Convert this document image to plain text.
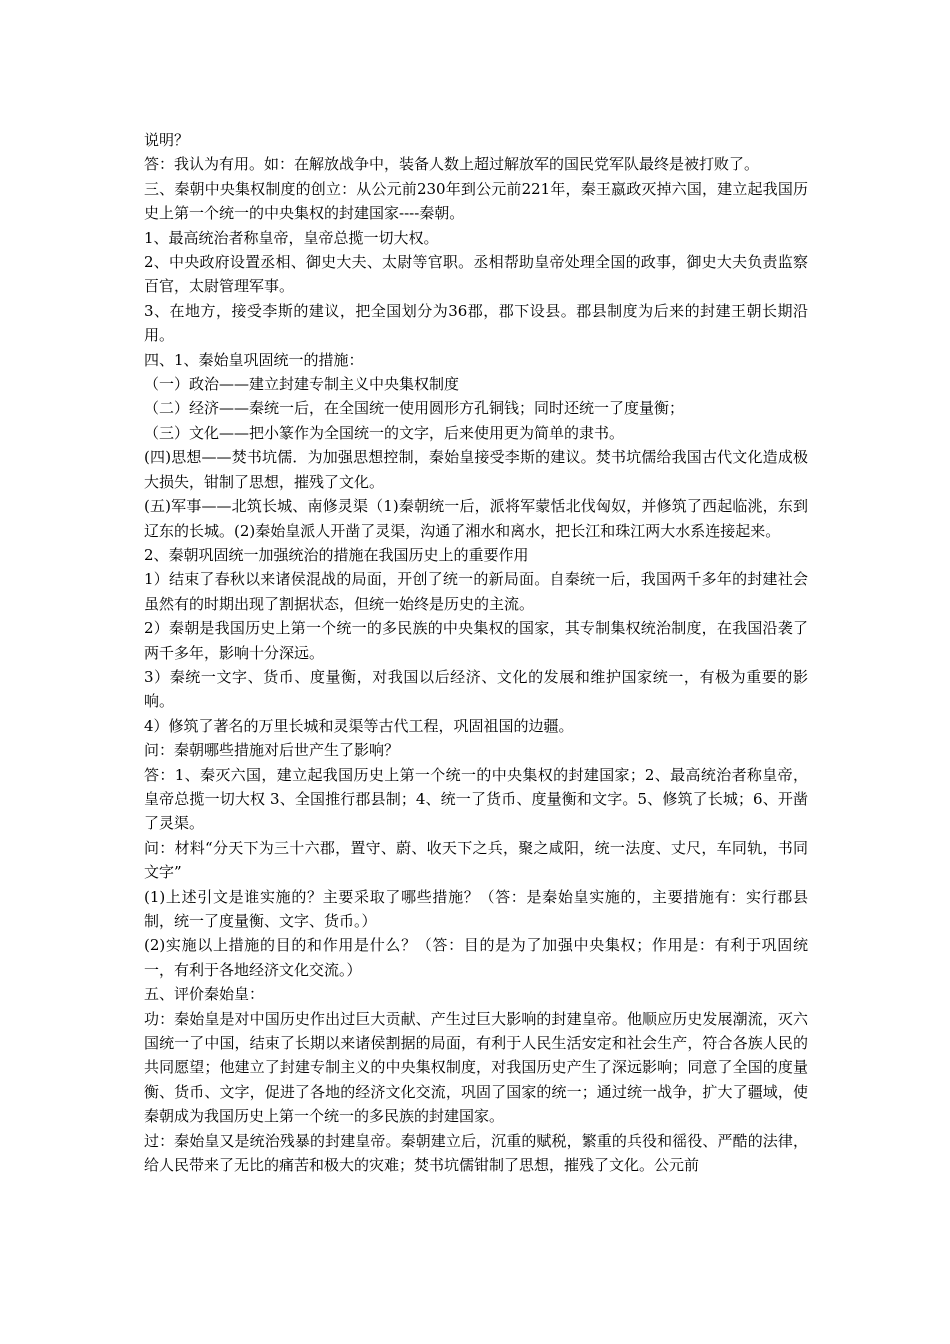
说明？

答：我认为有用。如：在解放战争中，装备人数上超过解放军的国民党军队最终是被打败了。

三、秦朝中央集权制度的创立：从公元前230年到公元前221年，秦王嬴政灭掉六国，建立起我国历史上第一个统一的中央集权的封建国家----秦朝。

1、最高统治者称皇帝，皇帝总揽一切大权。

2、中央政府设置丞相、御史大夫、太尉等官职。丞相帮助皇帝处理全国的政事，御史大夫负责监察百官，太尉管理军事。

3、在地方，接受李斯的建议，把全国划分为36郡，郡下设县。郡县制度为后来的封建王朝长期沿用。

四、1、秦始皇巩固统一的措施：

（一）政治——建立封建专制主义中央集权制度

（二）经济——秦统一后，在全国统一使用圆形方孔铜钱；同时还统一了度量衡；

（三）文化——把小篆作为全国统一的文字，后来使用更为简单的隶书。

(四)思想——焚书坑儒．为加强思想控制，秦始皇接受李斯的建议。焚书坑儒给我国古代文化造成极大损失，钳制了思想，摧残了文化。

(五)军事——北筑长城、南修灵渠（1)秦朝统一后，派将军蒙恬北伐匈奴，并修筑了西起临洮，东到辽东的长城。(2)秦始皇派人开凿了灵渠，沟通了湘水和离水，把长江和珠江两大水系连接起来。

2、秦朝巩固统一加强统治的措施在我国历史上的重要作用

1）结束了春秋以来诸侯混战的局面，开创了统一的新局面。自秦统一后，我国两千多年的封建社会虽然有的时期出现了割据状态，但统一始终是历史的主流。

2）秦朝是我国历史上第一个统一的多民族的中央集权的国家，其专制集权统治制度，在我国沿袭了两千多年，影响十分深远。

3）秦统一文字、货币、度量衡，对我国以后经济、文化的发展和维护国家统一，有极为重要的影响。

4）修筑了著名的万里长城和灵渠等古代工程，巩固祖国的边疆。

问：秦朝哪些措施对后世产生了影响？

答：1、秦灭六国，建立起我国历史上第一个统一的中央集权的封建国家；2、最高统治者称皇帝，皇帝总揽一切大权 3、全国推行郡县制；4、统一了货币、度量衡和文字。5、修筑了长城；6、开凿了灵渠。

问：材料“分天下为三十六郡，置守、蔚、收天下之兵，聚之咸阳，统一法度、丈尺，车同轨，书同文字”

(1)上述引文是谁实施的？主要采取了哪些措施？（答：是秦始皇实施的，主要措施有：实行郡县制，统一了度量衡、文字、货币。）

(2)实施以上措施的目的和作用是什么？（答：目的是为了加强中央集权；作用是：有利于巩固统一，有利于各地经济文化交流。）

五、评价秦始皇：

功：秦始皇是对中国历史作出过巨大贡献、产生过巨大影响的封建皇帝。他顺应历史发展潮流，灭六国统一了中国，结束了长期以来诸侯割据的局面，有利于人民生活安定和社会生产，符合各族人民的共同愿望；他建立了封建专制主义的中央集权制度，对我国历史产生了深远影响；同意了全国的度量衡、货币、文字，促进了各地的经济文化交流，巩固了国家的统一；通过统一战争，扩大了疆域，使秦朝成为我国历史上第一个统一的多民族的封建国家。

过：秦始皇又是统治残暴的封建皇帝。秦朝建立后，沉重的赋税，繁重的兵役和徭役、严酷的法律，给人民带来了无比的痛苦和极大的灾难；焚书坑儒钳制了思想，摧残了文化。公元前
